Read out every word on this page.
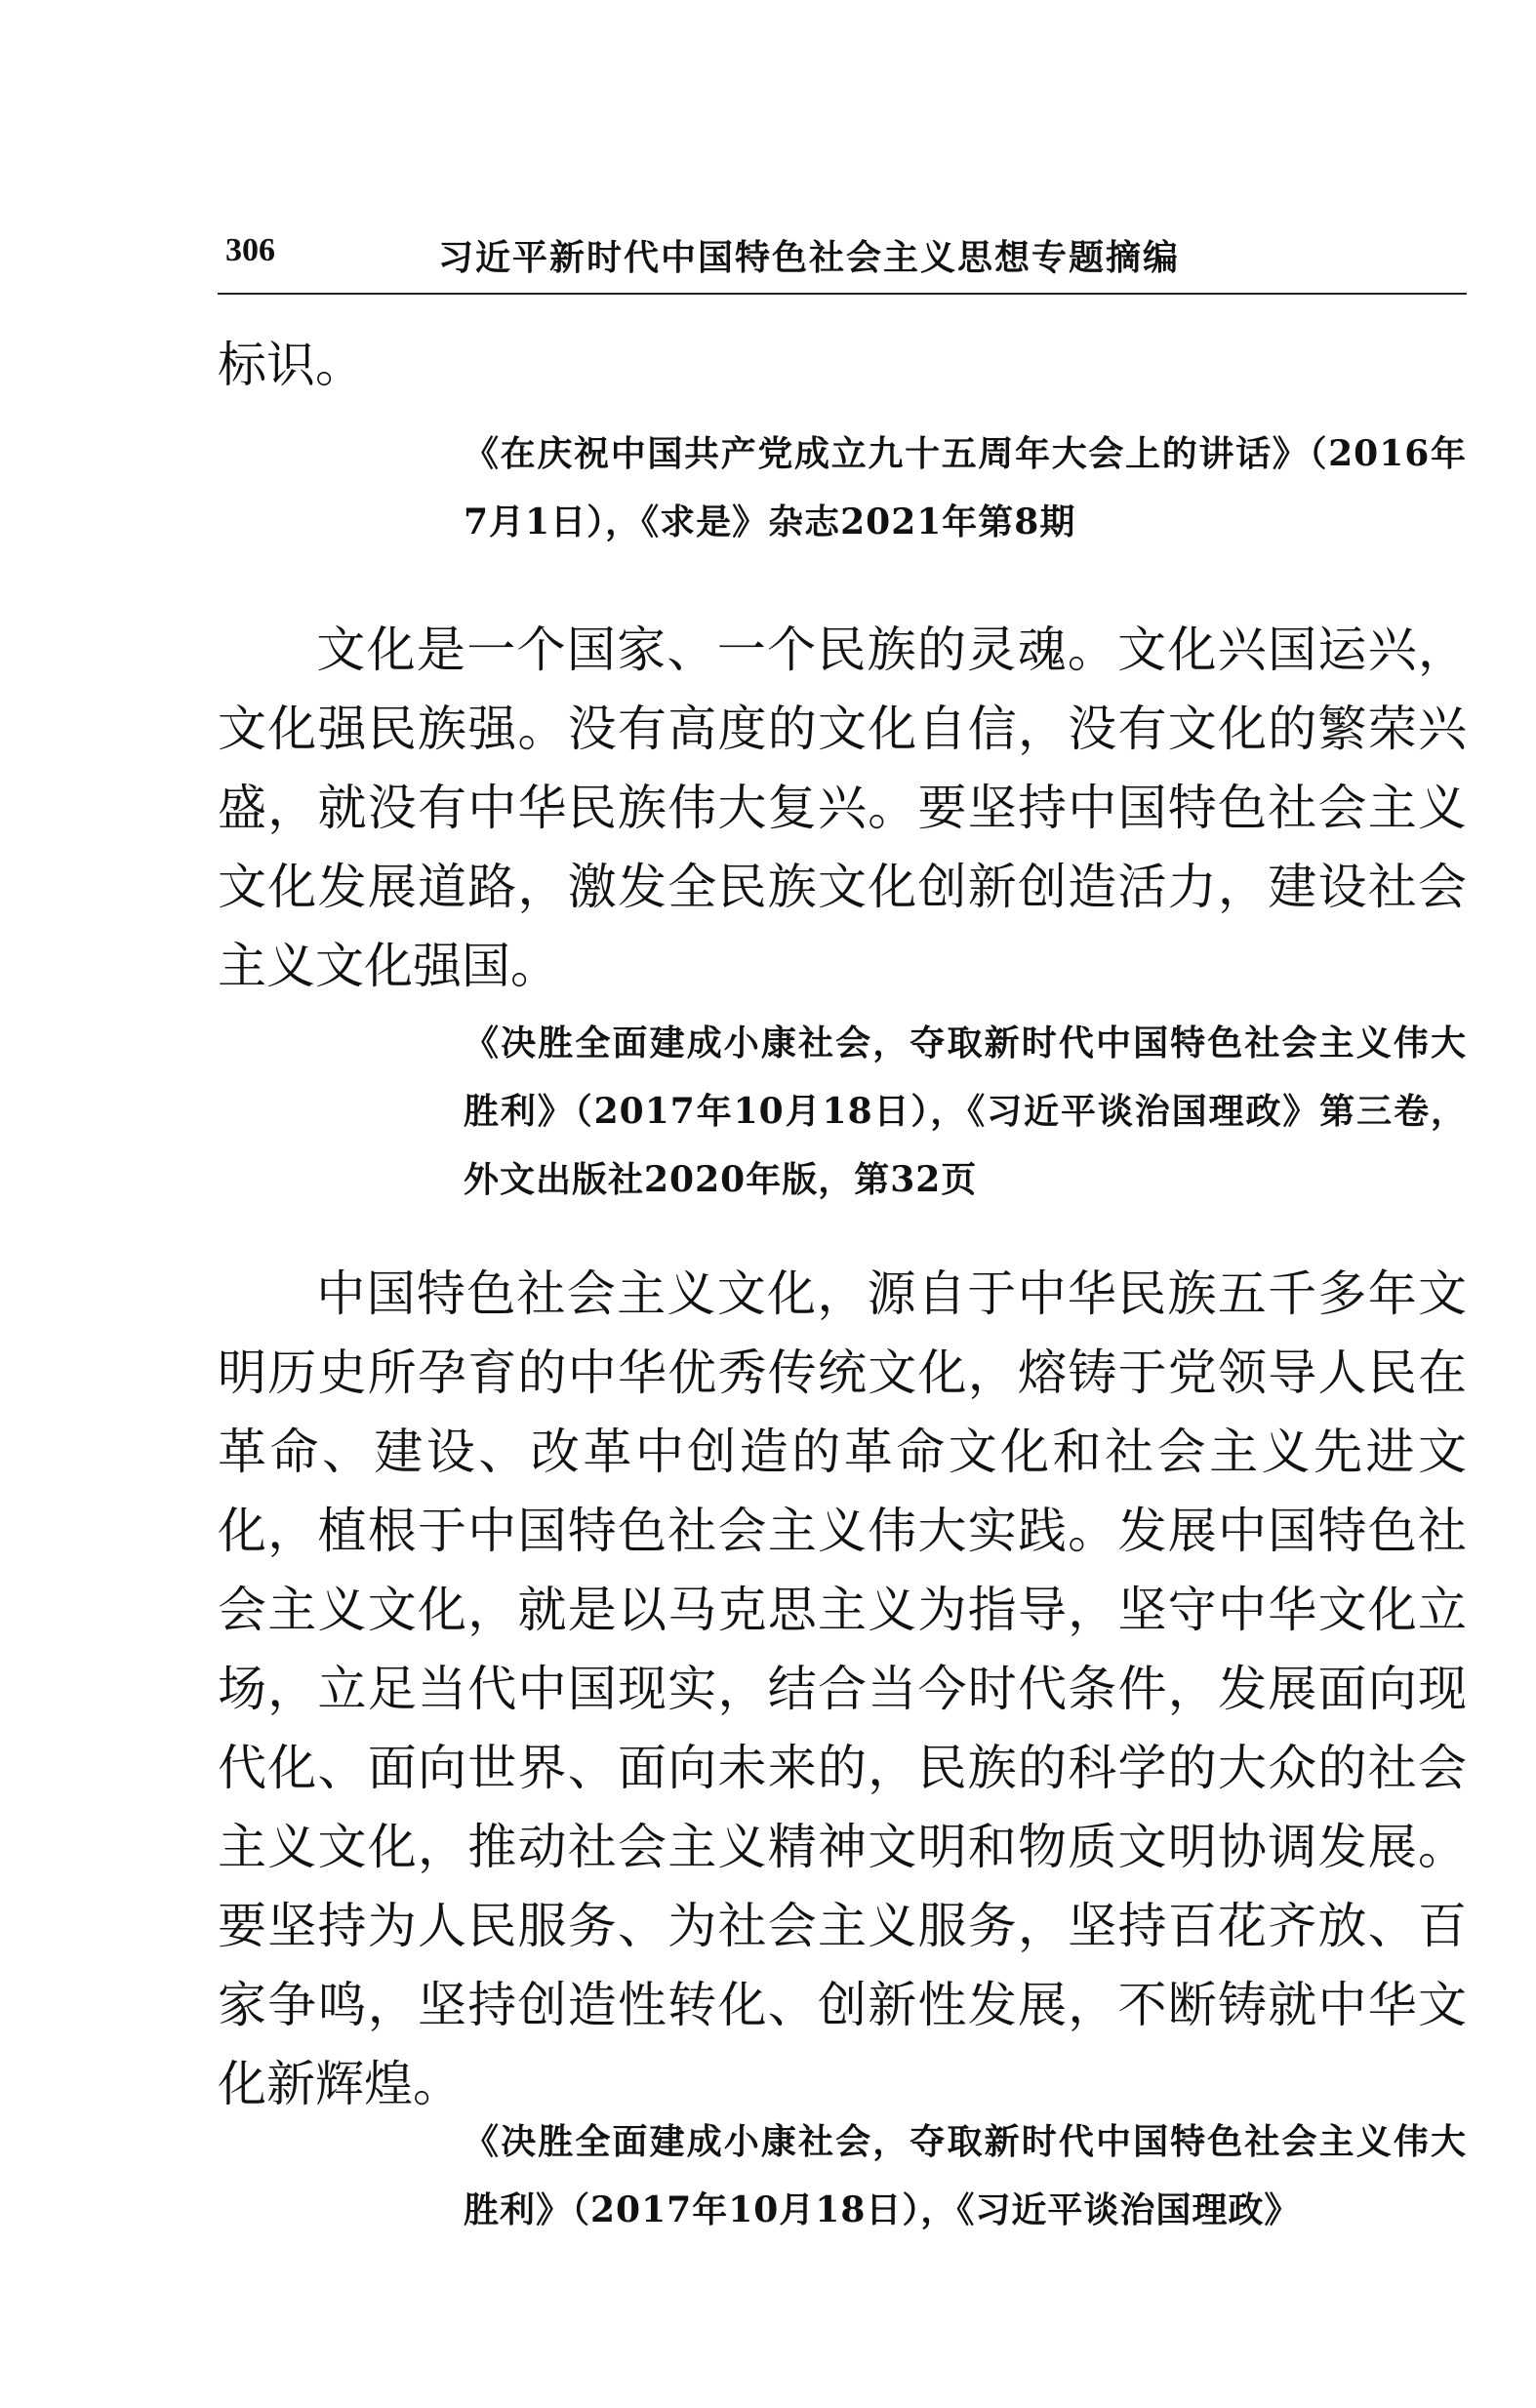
306	习近平新时代中国特色社会主义思想专题摘编

标识。

《在庆祝中国共产党成立九十五周年大会上的讲话》（2016年7月1日），《求是》杂志2021年第8期

文化是一个国家、一个民族的灵魂。文化兴国运兴，文化强民族强。没有高度的文化自信，没有文化的繁荣兴盛，就没有中华民族伟大复兴。要坚持中国特色社会主义文化发展道路，激发全民族文化创新创造活力，建设社会主义文化强国。

《决胜全面建成小康社会，夺取新时代中国特色社会主义伟大胜利》（2017年10月18日），《习近平谈治国理政》第三卷，外文出版社2020年版，第32页

中国特色社会主义文化，源自于中华民族五千多年文明历史所孕育的中华优秀传统文化，熔铸于党领导人民在革命、建设、改革中创造的革命文化和社会主义先进文化，植根于中国特色社会主义伟大实践。发展中国特色社会主义文化，就是以马克思主义为指导，坚守中华文化立场，立足当代中国现实，结合当今时代条件，发展面向现代化、面向世界、面向未来的，民族的科学的大众的社会主义文化，推动社会主义精神文明和物质文明协调发展。要坚持为人民服务、为社会主义服务，坚持百花齐放、百家争鸣，坚持创造性转化、创新性发展，不断铸就中华文化新辉煌。

《决胜全面建成小康社会，夺取新时代中国特色社会主义伟大胜利》（2017年10月18日），《习近平谈治国理政》
